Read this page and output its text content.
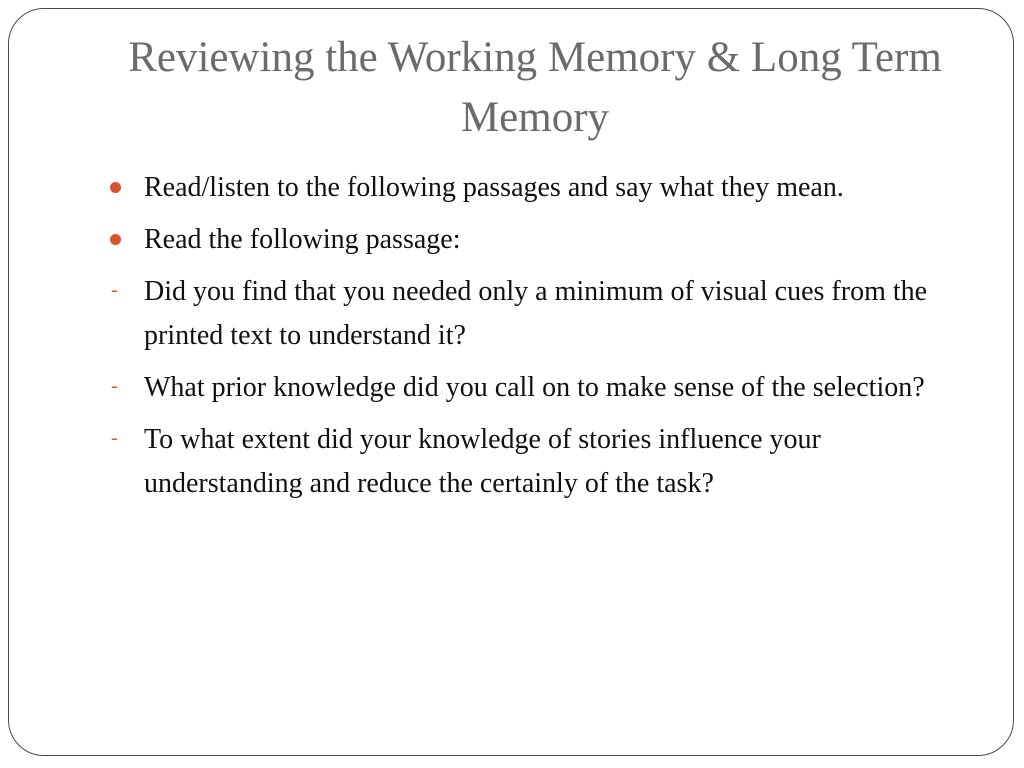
Reviewing the Working Memory & Long Term Memory
Read/listen to the following passages and say what they mean.
Read the following passage:
-
Did you find that you needed only a minimum of visual cues from the printed text to understand it?
-
What prior knowledge did you call on to make sense of the selection?
-
To what extent did your knowledge of stories influence your understanding and reduce the certainly of the task?
